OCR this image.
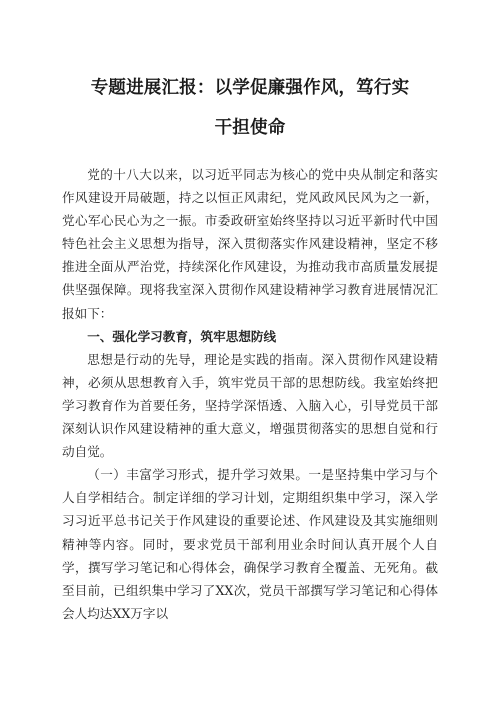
专题进展汇报：以学促廉强作风，笃行实
干担使命

党的十八大以来，以习近平同志为核心的党中央从制定和落实作风建设开局破题，持之以恒正风肃纪，党风政风民风为之一新，党心军心民心为之一振。市委政研室始终坚持以习近平新时代中国特色社会主义思想为指导，深入贯彻落实作风建设精神，坚定不移推进全面从严治党，持续深化作风建设，为推动我市高质量发展提供坚强保障。现将我室深入贯彻作风建设精神学习教育进展情况汇报如下：

一、强化学习教育，筑牢思想防线

思想是行动的先导，理论是实践的指南。深入贯彻作风建设精神，必须从思想教育入手，筑牢党员干部的思想防线。我室始终把学习教育作为首要任务，坚持学深悟透、入脑入心，引导党员干部深刻认识作风建设精神的重大意义，增强贯彻落实的思想自觉和行动自觉。

（一）丰富学习形式，提升学习效果。一是坚持集中学习与个人自学相结合。制定详细的学习计划，定期组织集中学习，深入学习习近平总书记关于作风建设的重要论述、作风建设及其实施细则精神等内容。同时，要求党员干部利用业余时间认真开展个人自学，撰写学习笔记和心得体会，确保学习教育全覆盖、无死角。截至目前，已组织集中学习了XX次，党员干部撰写学习笔记和心得体会人均达XX万字以
